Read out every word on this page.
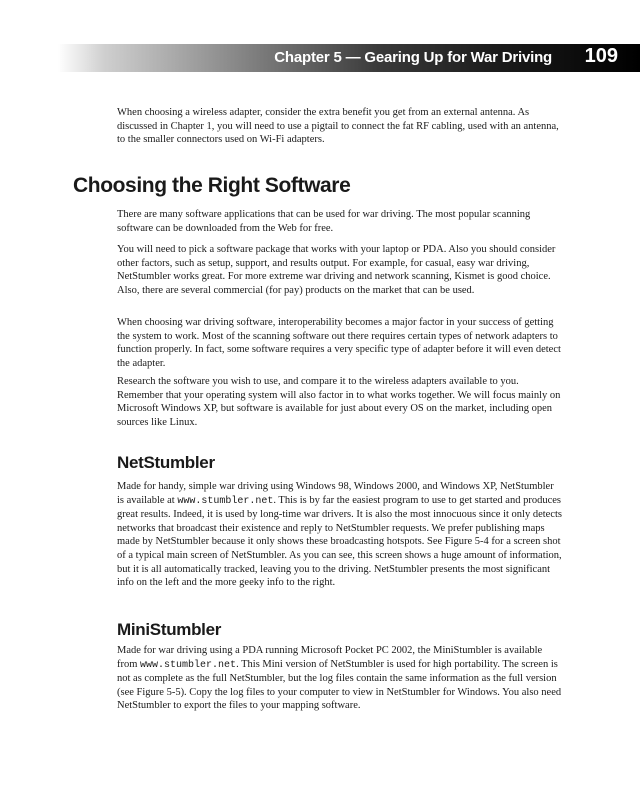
Chapter 5 — Gearing Up for War Driving 109

When choosing a wireless adapter, consider the extra benefit you get from an external antenna. As discussed in Chapter 1, you will need to use a pigtail to connect the fat RF cabling, used with an antenna, to the smaller connectors used on Wi-Fi adapters.

Choosing the Right Software

There are many software applications that can be used for war driving. The most popular scanning software can be downloaded from the Web for free.

You will need to pick a software package that works with your laptop or PDA. Also you should consider other factors, such as setup, support, and results output. For example, for casual, easy war driving, NetStumbler works great. For more extreme war driving and network scanning, Kismet is good choice. Also, there are several commercial (for pay) products on the market that can be used.

When choosing war driving software, interoperability becomes a major factor in your success of getting the system to work. Most of the scanning software out there requires certain types of network adapters to function properly. In fact, some software requires a very specific type of adapter before it will even detect the adapter.

Research the software you wish to use, and compare it to the wireless adapters available to you. Remember that your operating system will also factor in to what works together. We will focus mainly on Microsoft Windows XP, but software is available for just about every OS on the market, including open sources like Linux.

NetStumbler

Made for handy, simple war driving using Windows 98, Windows 2000, and Windows XP, NetStumbler is available at www.stumbler.net. This is by far the easiest program to use to get started and produces great results. Indeed, it is used by long-time war drivers. It is also the most innocuous since it only detects networks that broadcast their existence and reply to NetStumbler requests. We prefer publishing maps made by NetStumbler because it only shows these broadcasting hotspots. See Figure 5-4 for a screen shot of a typical main screen of NetStumbler. As you can see, this screen shows a huge amount of information, but it is all automatically tracked, leaving you to the driving. NetStumbler presents the most significant info on the left and the more geeky info to the right.

MiniStumbler

Made for war driving using a PDA running Microsoft Pocket PC 2002, the MiniStumbler is available from www.stumbler.net. This Mini version of NetStumbler is used for high portability. The screen is not as complete as the full NetStumbler, but the log files contain the same information as the full version (see Figure 5-5). Copy the log files to your computer to view in NetStumbler for Windows. You also need NetStumbler to export the files to your mapping software.
